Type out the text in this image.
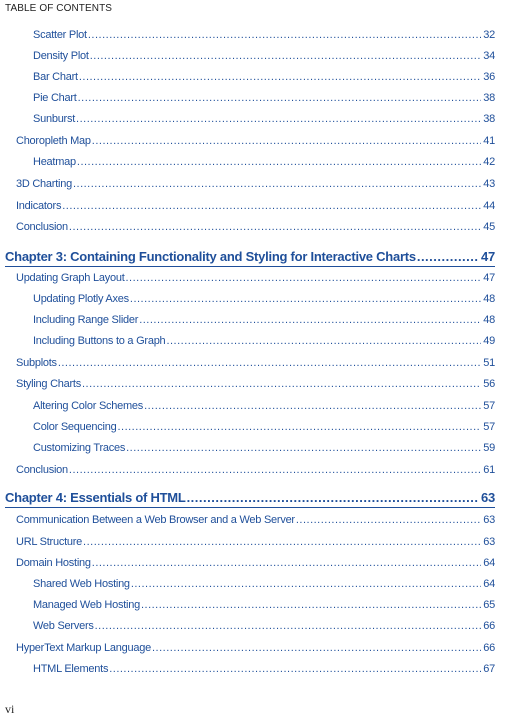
TABLE OF CONTENTS
Scatter Plot .....	32
Density Plot .....	34
Bar Chart .....	36
Pie Chart .....	38
Sunburst .....	38
Choropleth Map .....	41
Heatmap .....	42
3D Charting .....	43
Indicators .....	44
Conclusion .....	45
Chapter 3: Containing Functionality and Styling for Interactive Charts .....	47
Updating Graph Layout .....	47
Updating Plotly Axes .....	48
Including Range Slider .....	48
Including Buttons to a Graph .....	49
Subplots .....	51
Styling Charts .....	56
Altering Color Schemes .....	57
Color Sequencing .....	57
Customizing Traces .....	59
Conclusion .....	61
Chapter 4: Essentials of HTML .....	63
Communication Between a Web Browser and a Web Server .....	63
URL Structure .....	63
Domain Hosting .....	64
Shared Web Hosting .....	64
Managed Web Hosting .....	65
Web Servers .....	66
HyperText Markup Language .....	66
HTML Elements .....	67
vi
